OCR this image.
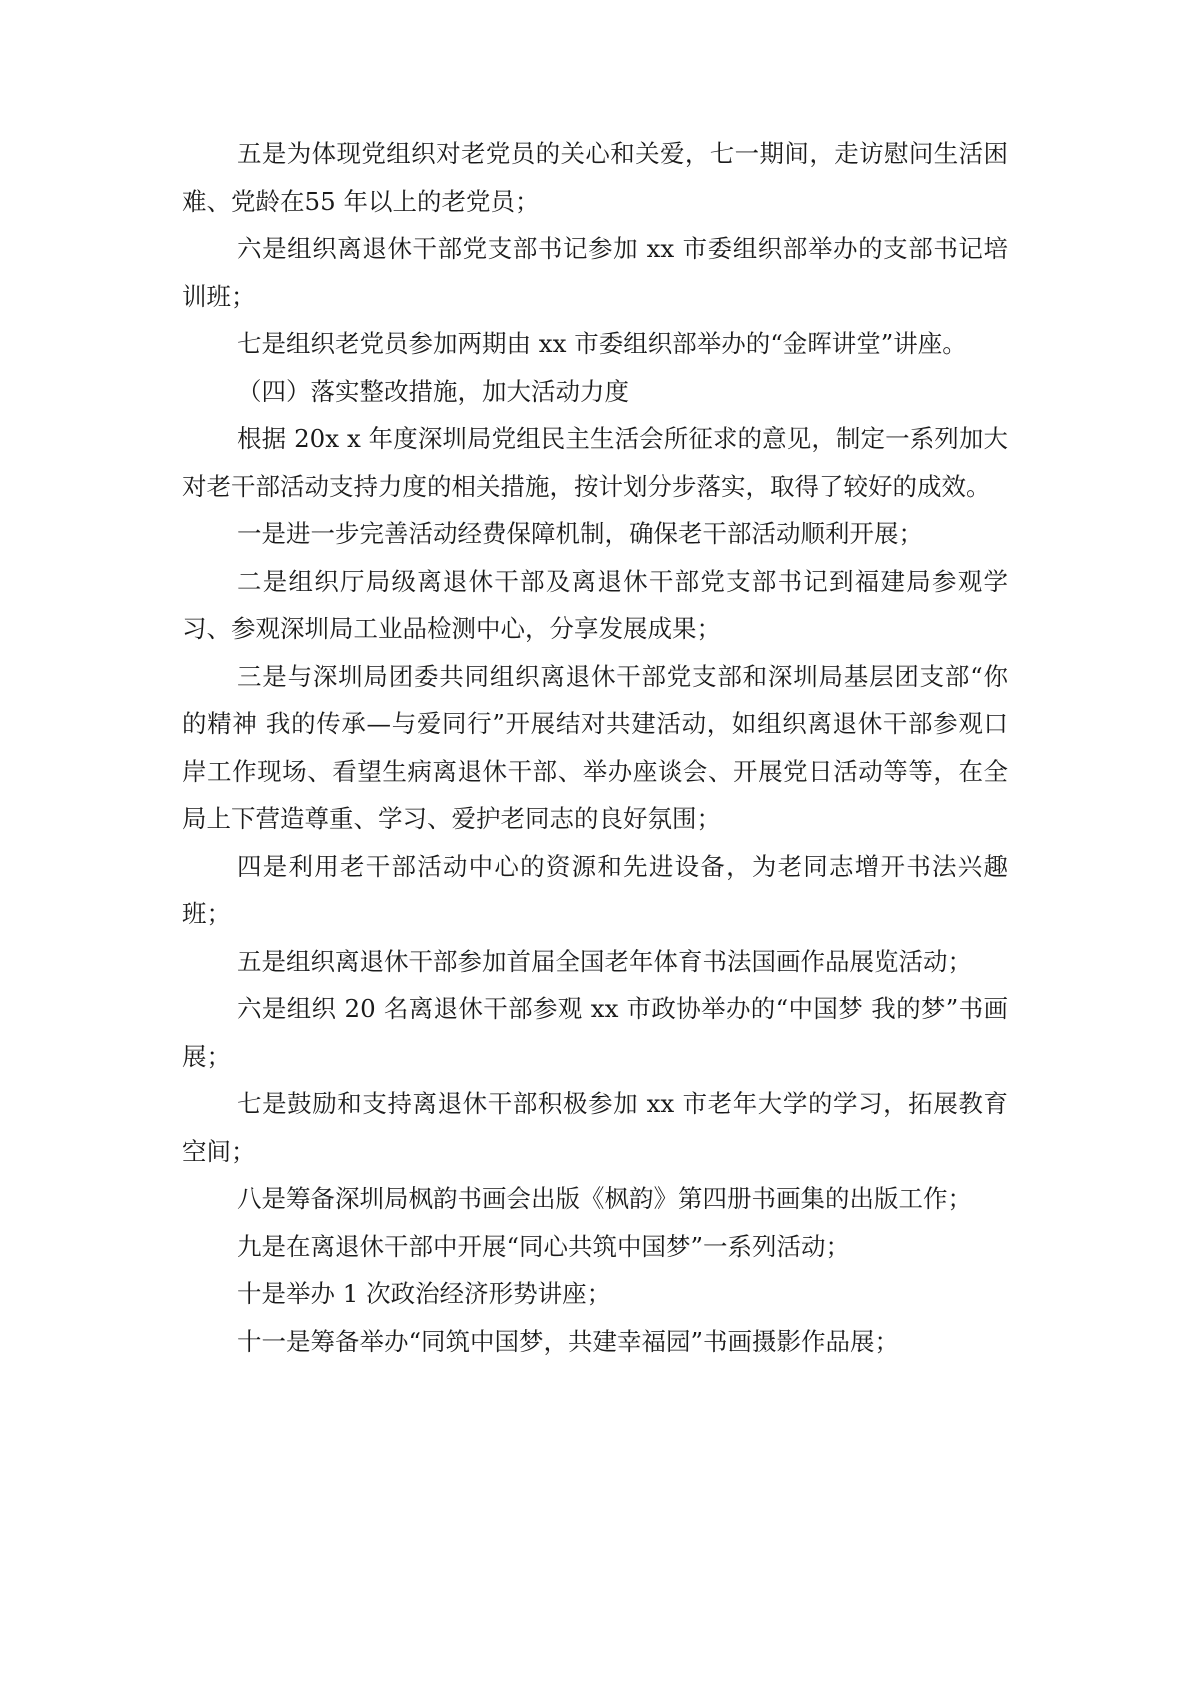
五是为体现党组织对老党员的关心和关爱，七一期间，走访慰问生活困难、党龄在55 年以上的老党员；

六是组织离退休干部党支部书记参加 xx 市委组织部举办的支部书记培训班；

七是组织老党员参加两期由 xx 市委组织部举办的“金晖讲堂”讲座。

（四）落实整改措施，加大活动力度

根据 20x x 年度深圳局党组民主生活会所征求的意见，制定一系列加大对老干部活动支持力度的相关措施，按计划分步落实，取得了较好的成效。

一是进一步完善活动经费保障机制，确保老干部活动顺利开展；

二是组织厅局级离退休干部及离退休干部党支部书记到福建局参观学习、参观深圳局工业品检测中心，分享发展成果；

三是与深圳局团委共同组织离退休干部党支部和深圳局基层团支部“你的精神 我的传承—与爱同行”开展结对共建活动，如组织离退休干部参观口岸工作现场、看望生病离退休干部、举办座谈会、开展党日活动等等，在全局上下营造尊重、学习、爱护老同志的良好氛围；

四是利用老干部活动中心的资源和先进设备，为老同志增开书法兴趣班；

五是组织离退休干部参加首届全国老年体育书法国画作品展览活动；

六是组织 20 名离退休干部参观 xx 市政协举办的“中国梦 我的梦”书画展；

七是鼓励和支持离退休干部积极参加 xx 市老年大学的学习，拓展教育空间；

八是筹备深圳局枫韵书画会出版《枫韵》第四册书画集的出版工作；

九是在离退休干部中开展“同心共筑中国梦”一系列活动；

十是举办 1 次政治经济形势讲座；

十一是筹备举办“同筑中国梦，共建幸福园”书画摄影作品展；
